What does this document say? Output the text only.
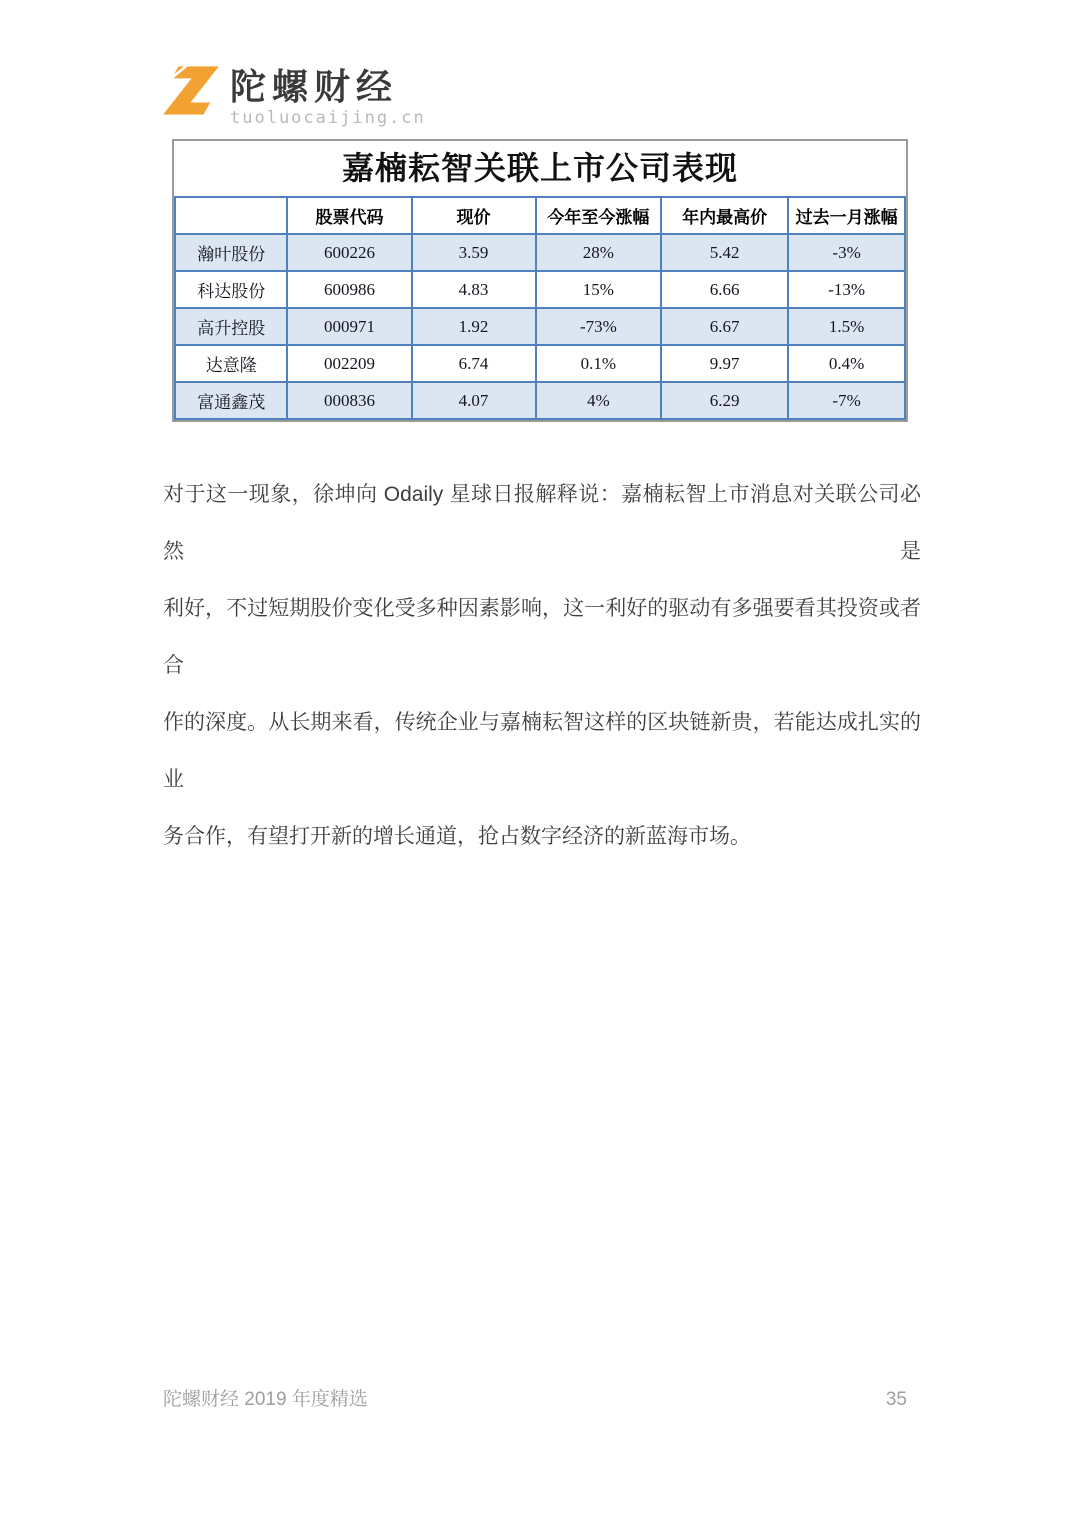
陀螺财经
tuoluocaijing.cn
嘉楠耘智关联上市公司表现
	股票代码	现价	今年至今涨幅	年内最高价	过去一月涨幅
瀚叶股份	600226	3.59	28%	5.42	-3%
科达股份	600986	4.83	15%	6.66	-13%
高升控股	000971	1.92	-73%	6.67	1.5%
达意隆	002209	6.74	0.1%	9.97	0.4%
富通鑫茂	000836	4.07	4%	6.29	-7%
对于这一现象，徐坤向 Odaily 星球日报解释说：嘉楠耘智上市消息对关联公司必然是
利好，不过短期股价变化受多种因素影响，这一利好的驱动有多强要看其投资或者合
作的深度。从长期来看，传统企业与嘉楠耘智这样的区块链新贵，若能达成扎实的业
务合作，有望打开新的增长通道，抢占数字经济的新蓝海市场。
陀螺财经 2019 年度精选	35
